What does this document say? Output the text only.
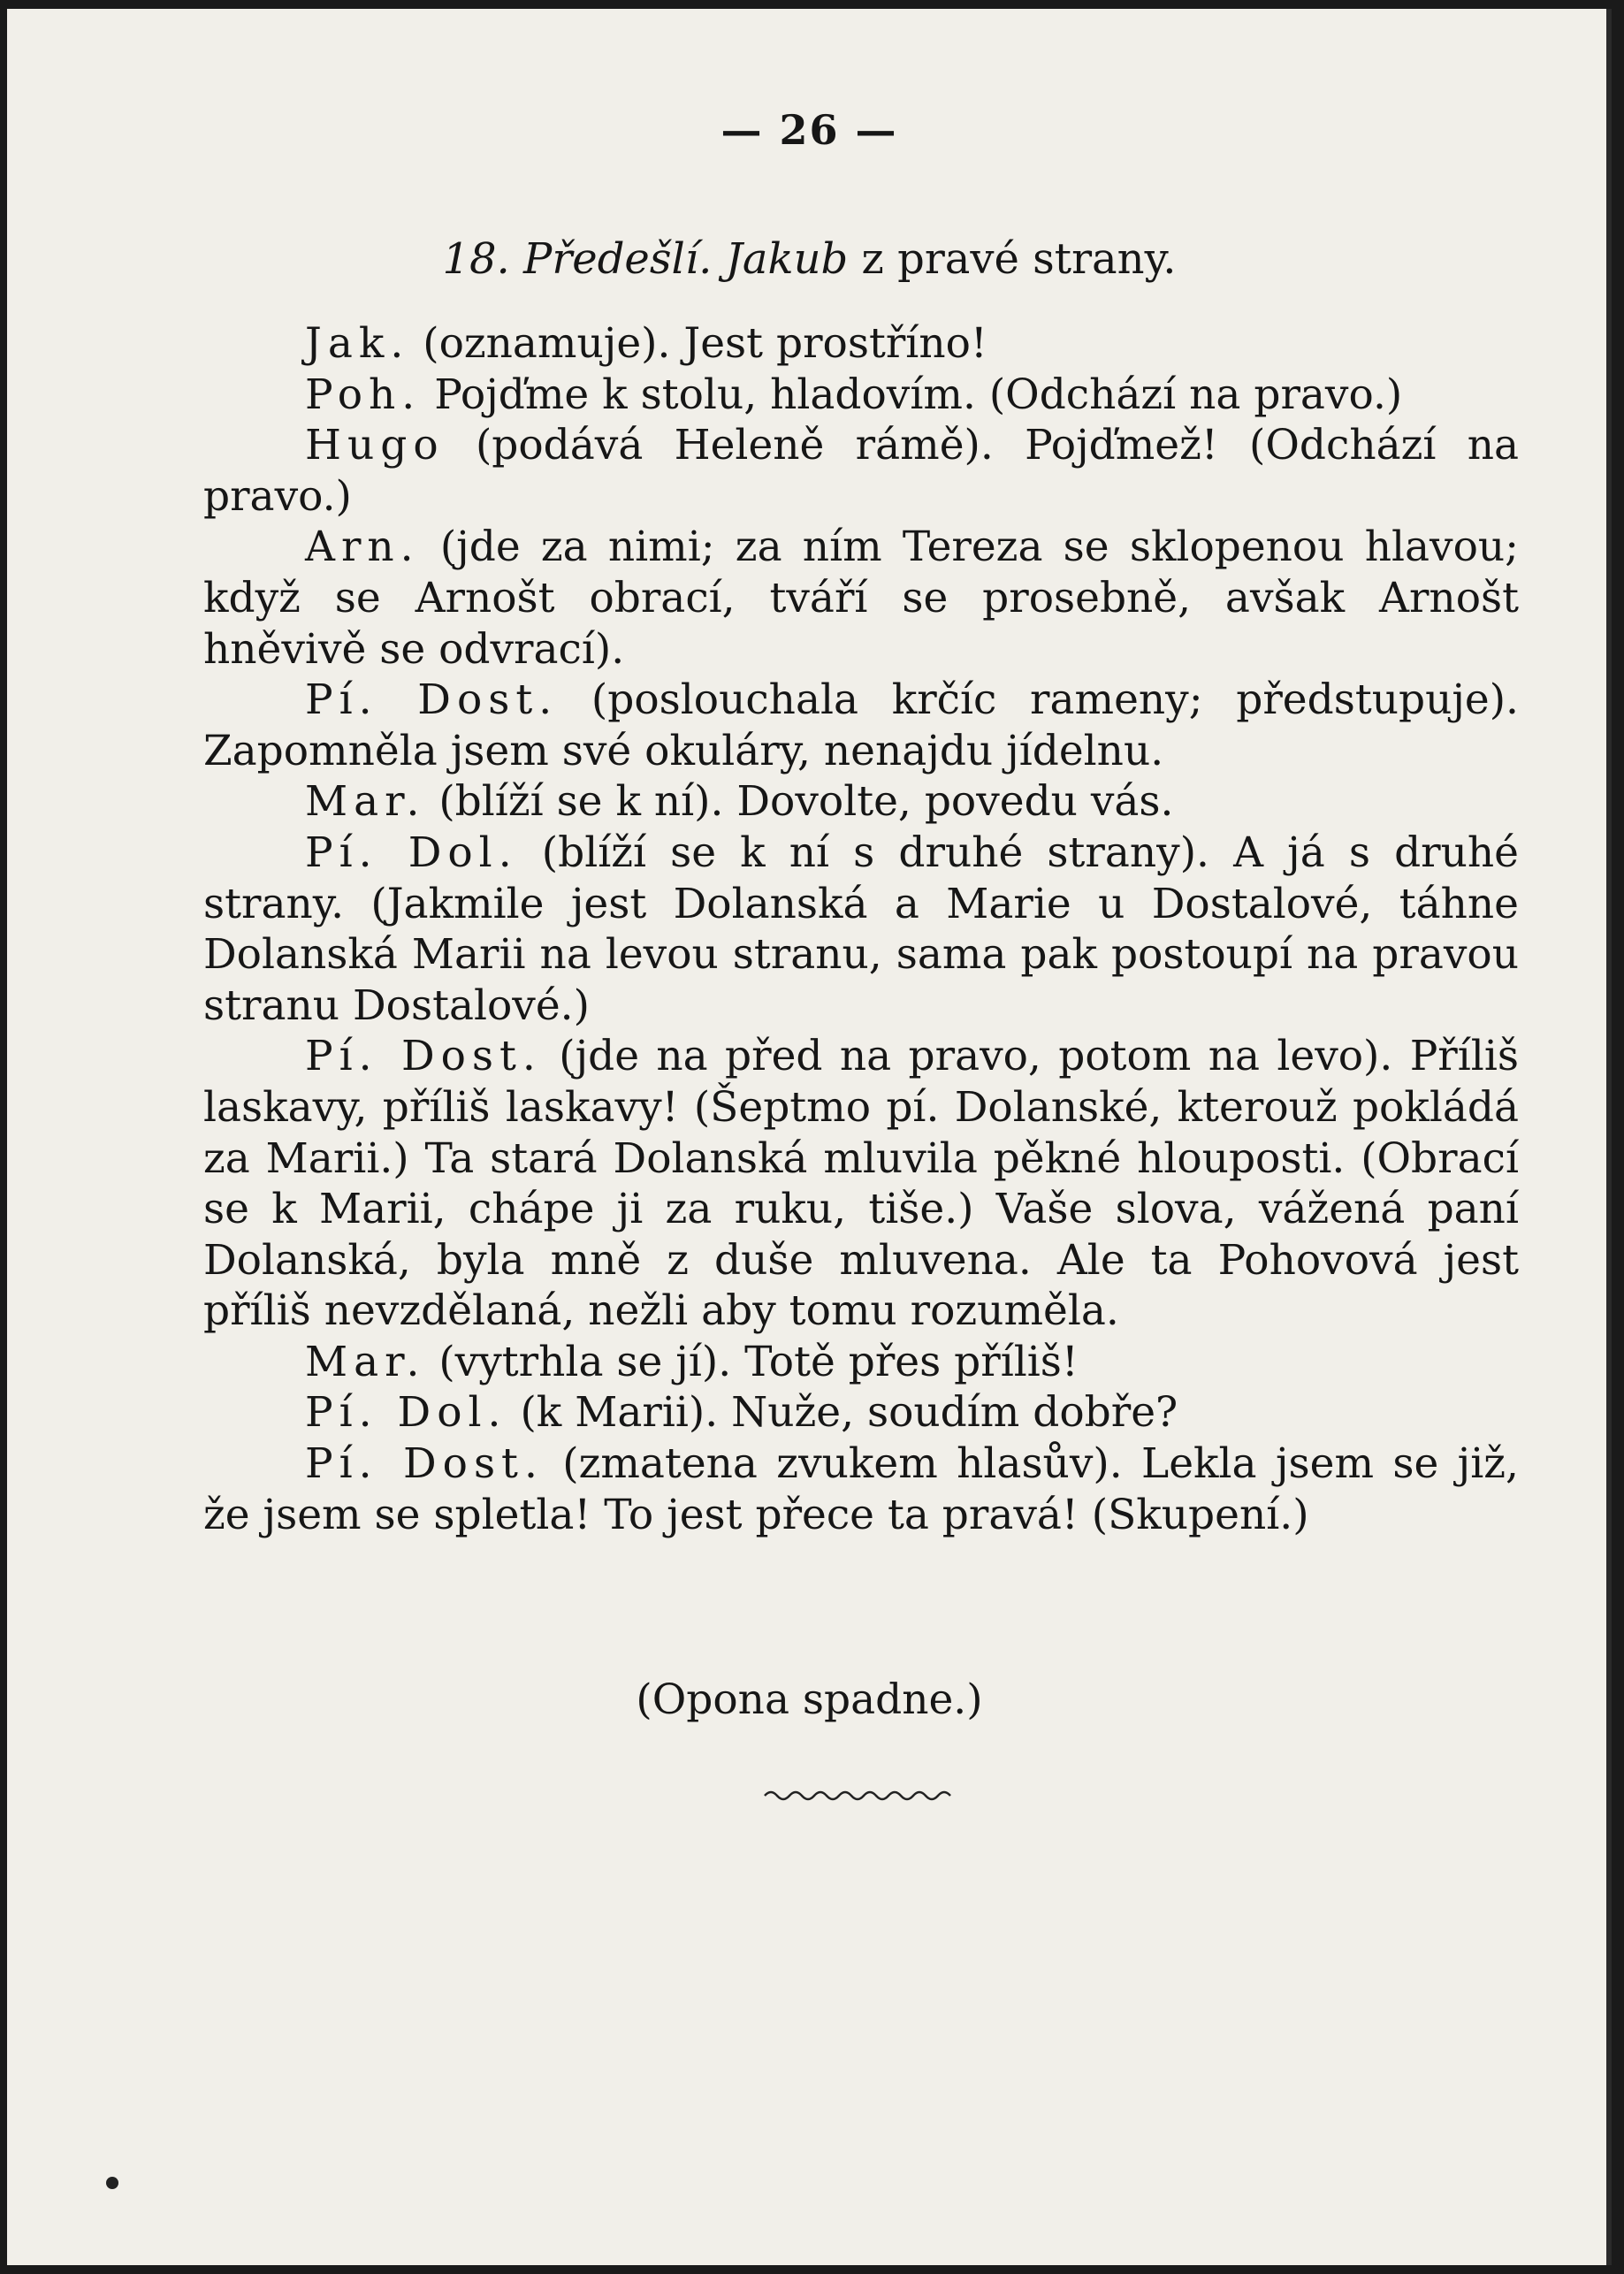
— 26 —
18. Předešlí. Jakub z pravé strany.

Jak. (oznamuje). Jest prostříno!

Poh. Pojďme k stolu, hladovím. (Odchází na pravo.)

Hugo (podává Heleně rámě). Pojďmež! (Odchází na pravo.)

Arn. (jde za nimi; za ním Tereza se sklopenou hlavou; když se Arnošt obrací, tváří se prosebně, avšak Arnošt hněvivě se odvrací).

Pí. Dost. (poslouchala krčíc rameny; předstupuje). Zapomněla jsem své okuláry, nenajdu jídelnu.

Mar. (blíží se k ní). Dovolte, povedu vás.

Pí. Dol. (blíží se k ní s druhé strany). A já s druhé strany. (Jakmile jest Dolanská a Marie u Dostalové, táhne Dolanská Marii na levou stranu, sama pak postoupí na pravou stranu Dostalové.)

Pí. Dost. (jde na před na pravo, potom na levo). Příliš laskavy, příliš laskavy! (Šeptmo pí. Dolanské, kterouž pokládá za Marii.) Ta stará Dolanská mluvila pěkné hlouposti. (Obrací se k Marii, chápe ji za ruku, tiše.) Vaše slova, vážená paní Dolanská, byla mně z duše mluvena. Ale ta Pohovová jest příliš nevzdělaná, nežli aby tomu rozuměla.

Mar. (vytrhla se jí). Totě přes příliš!

Pí. Dol. (k Marii). Nuže, soudím dobře?

Pí. Dost. (zmatena zvukem hlasův). Lekla jsem se již, že jsem se spletla! To jest přece ta pravá! (Skupení.)

(Opona spadne.)
